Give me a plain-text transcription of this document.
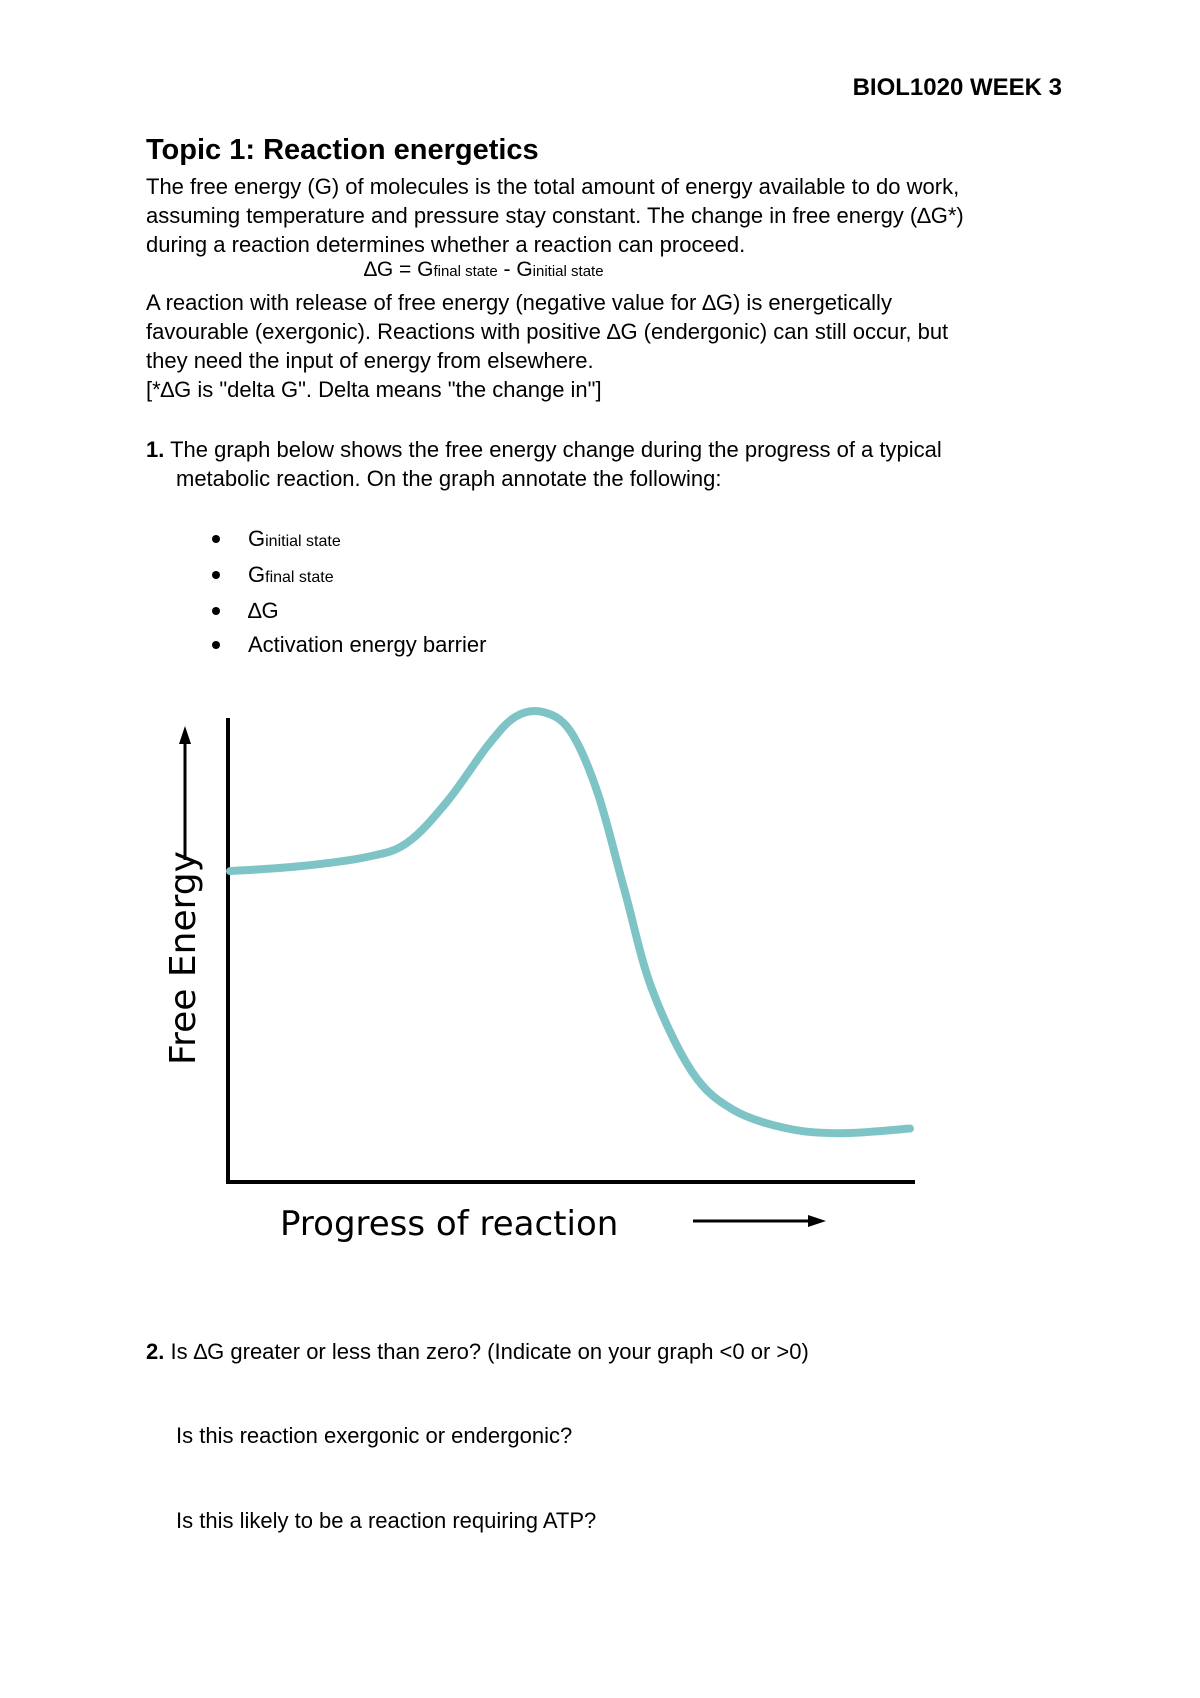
BIOL1020 WEEK 3
Topic 1: Reaction energetics
The free energy (G) of molecules is the total amount of energy available to do work,
assuming temperature and pressure stay constant. The change in free energy (∆G*)
during a reaction determines whether a reaction can proceed.
∆G = Gfinal state - Ginitial state
A reaction with release of free energy (negative value for ∆G) is energetically
favourable (exergonic). Reactions with positive ∆G (endergonic) can still occur, but
they need the input of energy from elsewhere.
[*∆G is "delta G". Delta means "the change in"]
1. The graph below shows the free energy change during the progress of a typical
metabolic reaction. On the graph annotate the following:
Ginitial state
Gfinal state
∆G
Activation energy barrier
Free Energy
Progress of reaction
2. Is ∆G greater or less than zero? (Indicate on your graph <0 or >0)
Is this reaction exergonic or endergonic?
Is this likely to be a reaction requiring ATP?
